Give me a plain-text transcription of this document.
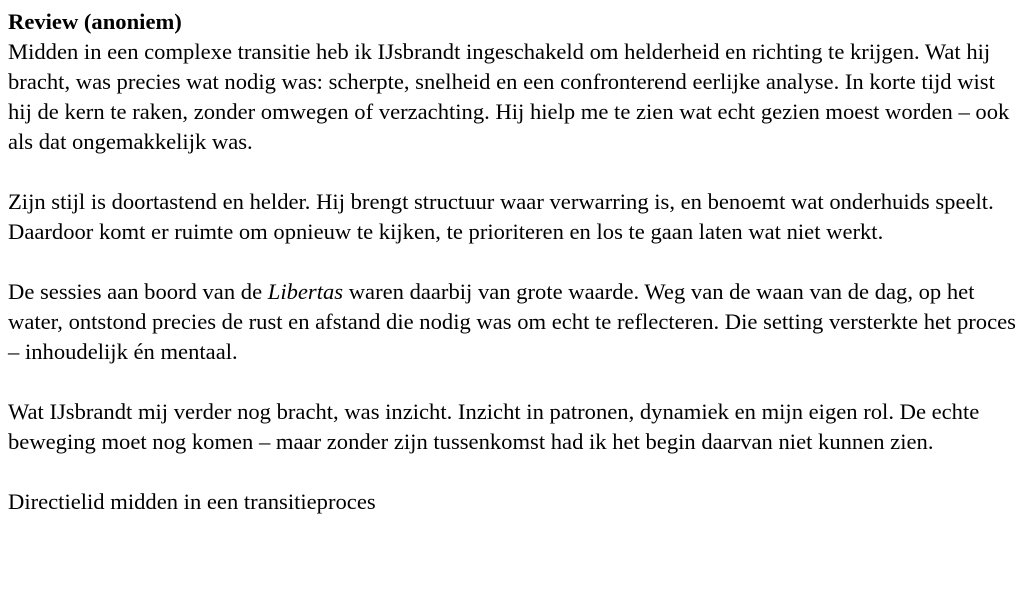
Review (anoniem)

Midden in een complexe transitie heb ik IJsbrandt ingeschakeld om helderheid en richting te krijgen. Wat hij bracht, was precies wat nodig was: scherpte, snelheid en een confronterend eerlijke analyse. In korte tijd wist hij de kern te raken, zonder omwegen of verzachting. Hij hielp me te zien wat echt gezien moest worden – ook als dat ongemakkelijk was.

Zijn stijl is doortastend en helder. Hij brengt structuur waar verwarring is, en benoemt wat onderhuids speelt. Daardoor komt er ruimte om opnieuw te kijken, te prioriteren en los te gaan laten wat niet werkt.

De sessies aan boord van de Libertas waren daarbij van grote waarde. Weg van de waan van de dag, op het water, ontstond precies de rust en afstand die nodig was om echt te reflecteren. Die setting versterkte het proces – inhoudelijk én mentaal.

Wat IJsbrandt mij verder nog bracht, was inzicht. Inzicht in patronen, dynamiek en mijn eigen rol. De echte beweging moet nog komen – maar zonder zijn tussenkomst had ik het begin daarvan niet kunnen zien.

Directielid midden in een transitieproces
